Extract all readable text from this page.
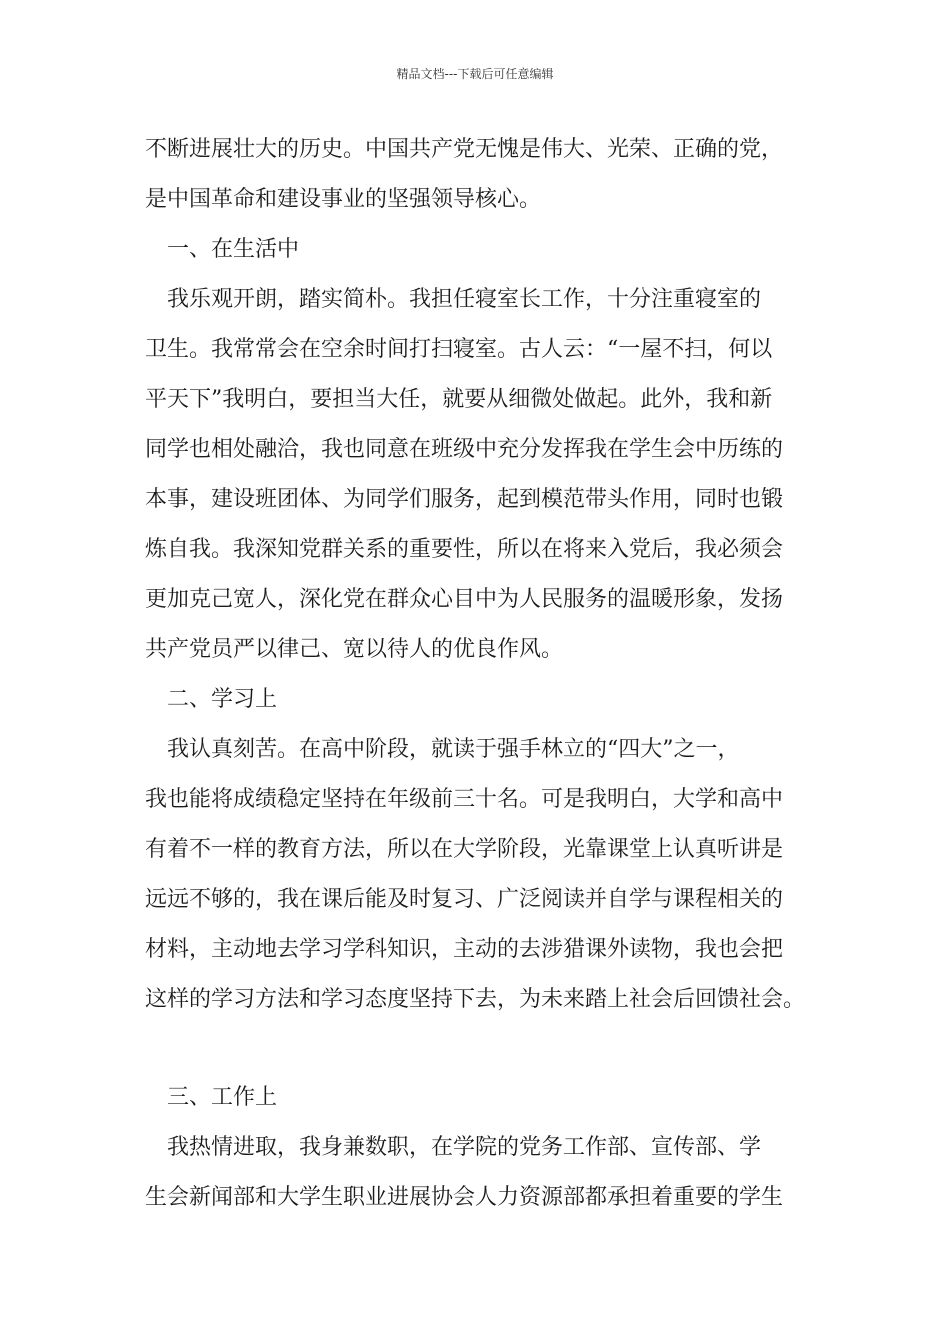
精品文档---下载后可任意编辑
不断进展壮大的历史。中国共产党无愧是伟大、光荣、正确的党，
是中国革命和建设事业的坚强领导核心。
　一、在生活中
　我乐观开朗，踏实简朴。我担任寝室长工作，十分注重寝室的
卫生。我常常会在空余时间打扫寝室。古人云：“一屋不扫，何以
平天下”我明白，要担当大任，就要从细微处做起。此外，我和新
同学也相处融洽，我也同意在班级中充分发挥我在学生会中历练的
本事，建设班团体、为同学们服务，起到模范带头作用，同时也锻
炼自我。我深知党群关系的重要性，所以在将来入党后，我必须会
更加克己宽人，深化党在群众心目中为人民服务的温暖形象，发扬
共产党员严以律己、宽以待人的优良作风。
　二、学习上
　我认真刻苦。在高中阶段，就读于强手林立的“四大”之一，
我也能将成绩稳定坚持在年级前三十名。可是我明白，大学和高中
有着不一样的教育方法，所以在大学阶段，光靠课堂上认真听讲是
远远不够的，我在课后能及时复习、广泛阅读并自学与课程相关的
材料，主动地去学习学科知识，主动的去涉猎课外读物，我也会把
这样的学习方法和学习态度坚持下去，为未来踏上社会后回馈社会。
　三、工作上
　我热情进取，我身兼数职，在学院的党务工作部、宣传部、学
生会新闻部和大学生职业进展协会人力资源部都承担着重要的学生
